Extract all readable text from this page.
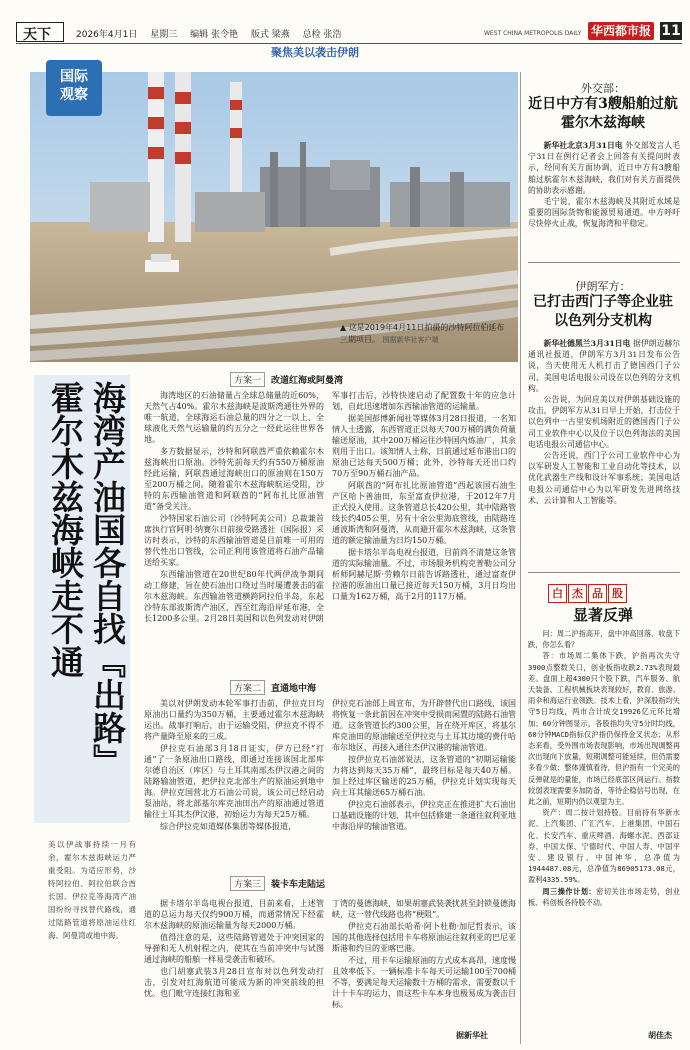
天下	2026年4月1日 星期三 编辑 张令艳 版式 梁燕 总检 张浩	WEST CHINA METROPOLIS DAILY 华西都市报 11
聚焦美以袭击伊朗
国际
观察
▲ 这是2019年4月11日拍摄的沙特阿拉伯延布三期项目。 图据新华社客户端
海湾产油国各自找『出路』
霍尔木兹海峡走不通
美以伊战事持续一月有余，霍尔木兹海峡运力严重受阻。为适应形势，沙特阿拉伯、阿拉伯联合酋长国、伊拉克等海湾产油国纷纷寻找替代路线，通过陆路管道将原油运往红海、阿曼湾或地中海。
方案一 改道红海或阿曼湾

海湾地区的石油储量占全球总储量的近60%，天然气占40%。霍尔木兹海峡是波斯湾通往外界的唯一航道，全球海运石油总量的四分之一以上、全球液化天然气运输量的约五分之一经此运往世界各地。

多方数据显示，沙特和阿联酋严重依赖霍尔木兹海峡出口原油。沙特先前每天约有550万桶原油经此运输，阿联酋通过海峡出口的原油则在150万至200万桶之间。随着霍尔木兹海峡航运受阻，沙特的东西输油管道和阿联酋的“阿布扎比原油管道”备受关注。

沙特国家石油公司（沙特阿美公司）总裁兼首席执行官阿明·纳赛尔日前接受路透社（国际报）采访时表示，沙特的东西输油管道是目前唯一可用的替代性出口管线，公司正利用该管道将石油产品输送给买家。

东西输油管道在20世纪80年代两伊战争期间动工修建，旨在使石油出口绕过当时屡遭袭击的霍尔木兹海峡。东西输油管道横跨阿拉伯半岛，东起沙特东部波斯湾产油区，西至红海沿岸延布港，全长1200多公里。2月28日美国和以色列发动对伊朗

军事打击后，沙特快速启动了配置数十年的应急计划，自此迅速增加东西输油管道的运输量。

据美国彭博新闻社等媒体3月28日报道，一名知情人士透露，东西管道正以每天700万桶的满负荷量输送原油，其中200万桶运往沙特国内炼油厂，其余则用于出口。该知情人士称，日前通过延布港出口的原油已达每天500万桶；此外，沙特每天还出口约70万至90万桶石油产品。

阿联酋的“阿布扎比原油管道”西起该国石油生产区哈卜善油田，东至富查伊拉港，于2012年7月正式投入使用。这条管道总长420公里，其中陆路管线长约405公里，另有十余公里海底管线，由陆路连通波斯湾和阿曼湾，从而避开霍尔木兹海峡，这条管道的额定输油量为日均150万桶。

据卡塔尔半岛电视台报道，目前尚不清楚这条管道的实际输油量。不过，市场服务机构克普勒公司分析师阿赫尼斯·劳赖尔日前告诉路透社，通过富查伊拉港的原油出口量已接近每天150万桶，3月日均出口量为162万桶，高于2月的117万桶。

方案二 直通地中海

美以对伊朗发动本轮军事打击前，伊拉克日均原油出口量约为350万桶，主要通过霍尔木兹海峡运出。战事打响后，由于运输受阻，伊拉克不得不将产量降至原来的三成。

伊拉克石油部3月18日证实，伊方已经“打通”了一条原油出口路线，即通过连接该国北部库尔德自治区（库区）与土耳其南部杰伊汉港之间的陆路输油管道，把伊拉克北部生产的原油运到地中海。伊拉克国营北方石油公司说，该公司已经启动泵油站，将北部基尔库克油田出产的原油通过管道输往土耳其杰伊汉港，初始运力为每天25万桶。

综合伊拉克如道媒体集团等媒体报道，

伊拉克石油部上周宣布，为开辟替代出口路线，该国将恢复一条此前因在冲突中受损而闲置的陆路石油管道。这条管道长约300公里，旨在绕开库区，将基尔库克油田的原油输送至伊拉克与土耳其边境的费什哈布尔地区，再接入通往杰伊汉港的输油管道。

按伊拉克石油部说法，这条管道的“初期运输能力将达到每天35万桶”，最终目标是每天40万桶。加上经过库区输送的25万桶，伊拉克计划实现每天向土耳其输送65万桶石油。

伊拉克石油部表示，伊拉克正在推进扩大石油出口基础设施的计划，其中包括修建一条通往叙利亚地中海沿岸的输油管道。

方案三 装卡车走陆运

据卡塔尔半岛电视台报道，目前来看，上述管道的总运力每天仅约900万桶，而通常情况下经霍尔木兹海峡的原油运输量为每天2000万桶。

值得注意的是，这些陆路管道处于冲突国家的导弹和无人机射程之内，使其在当前冲突中与试图通过海峡的船舶一样易受袭击和破坏。

也门胡塞武装3月28日宣布对以色列发动打击，引发对红海航道可能成为新的冲突前线的担忧。也门毗守连接红海和亚

丁湾的曼德海峡，如果胡塞武装袭扰甚至封锁曼德海峡，这一替代线路也将“梗阻”。

伊拉克石油部长哈希·阿卜杜勒·加尼哲表示，该国的其他选择包括用卡车将原油运往叙利亚的巴尼亚斯港和约旦的亚喀巴港。

不过，用卡车运输原油的方式成本高昂，速度慢且效率低下。一辆标准卡车每天可运输100至700桶不等，要满足每天运输数十万桶的需求，需要数以千计十卡车的运力，而这些卡车本身也极易成为袭击目标。

据新华社
外交部：
近日中方有3艘船舶过航霍尔木兹海峡

新华社北京3月31日电 外交部发言人毛宁31日在例行记者会上回答有关提问时表示，经同有关方面协调，近日中方有3艘船舶过航霍尔木兹海峡，我们对有关方面提供的协助表示感谢。

毛宁说，霍尔木兹海峡及其附近水域是重要的国际货物和能源贸易通道。中方呼吁尽快停火止战，恢复海湾和平稳定。

伊朗军方：
已打击西门子等企业驻以色列分支机构

新华社德黑兰3月31日电 据伊朗迈赫尔通讯社报道，伊朗军方3月31日发布公告说，当天使用无人机打击了德国西门子公司、美国电话电报公司设在以色列的分支机构。

公告说，为回应美以对伊朗基础设施的攻击，伊朗军方从31日早上开始，打击位于以色列中一古里安机场附近的德国西门子公司工业软件中心以及位于以色列海法的美国电话电报公司通信中心。

公告还说，西门子公司工业软件中心为以军研发人工智能和工业自动化等技术，以优化武器生产线和设计军事系统；美国电话电报公司通信中心为以军研发先进网络技术、云计算和人工智能等。

白 杰 品 股
显著反弹

问：周二沪指高开，盘中冲高回落，收盘下跌，你怎么看？

答：市场周二集体下跌，沪指再次失守3900点整数关口，创业板指收跌2.73%表现最差。盘面上超4300只个股下跌，汽车服务、航天装备、工程机械板块表现较好，教育、旅游、雨伞和海运行业领跌。技术上看，沪深股指均失守5日均线，两市合计成交19926亿元环比增加；60分钟图显示，各股指均失守5分时均线，60分钟MACD指标仅沪指仍保持金叉状态；从形态来看，受外围市场表现影响，市场出现调整再次出现向下放量，短期调整可能延续，但仍需要多看少做；整体谨慎看待，但沪指有一个完美的反弹就是的量能，市场已经底部区间运行。指数较弱表现需要多加防备，等待企稳信号出现，在此之前，短期内仍以观望为主。

资产：周二按计划持股。目前持有华新水泥、上汽集团、广汇汽车、上港集团、中国石化、长安汽车、重庆啤酒、海螺水泥、西部证券、中国太保、宁德时代、中国人寿、中国平安、建设银行、中国神华，总净值为1944487.08元，总净值为86905173.08元，盈利4335.59%。

周三操作计划：密切关注市场走势，创业板、科创板各持股不动。

胡佳杰
